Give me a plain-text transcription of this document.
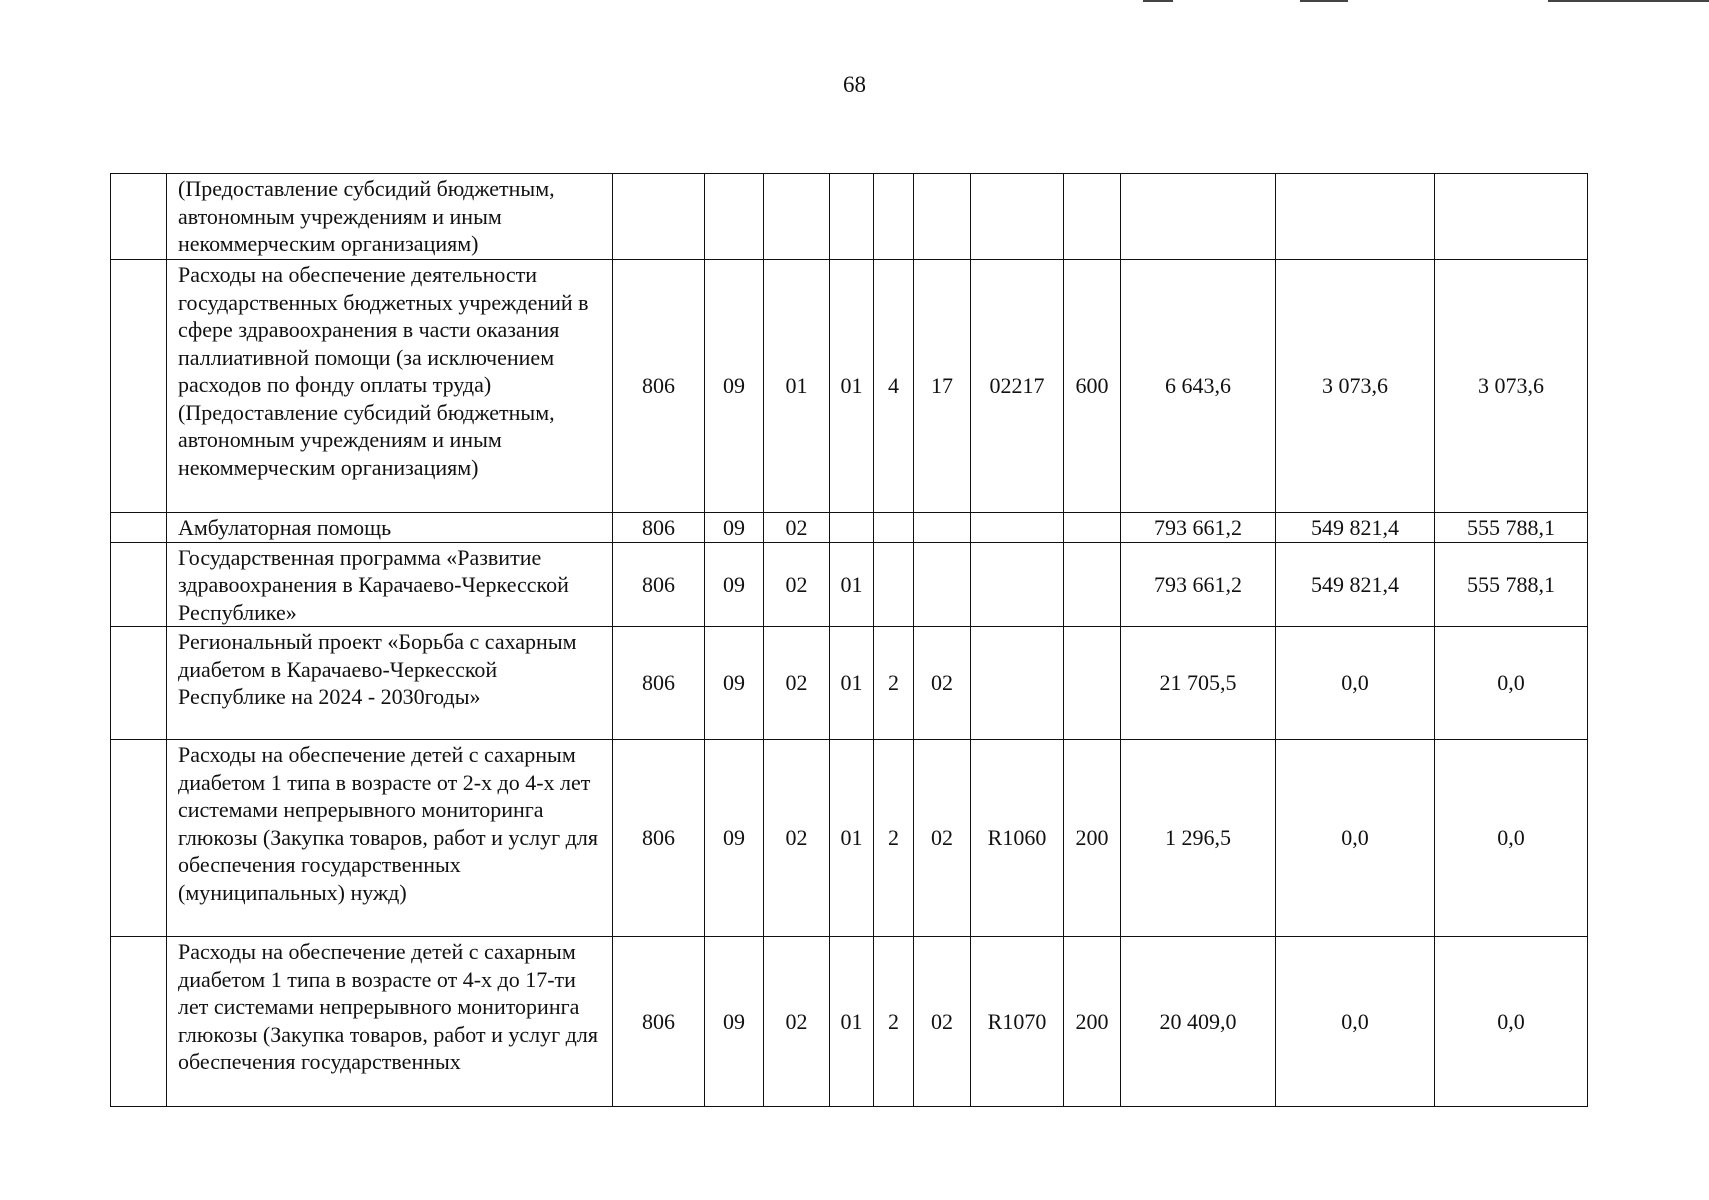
68
	(Предоставление субсидий бюджетным, автономным учреждениям и иным некоммерческим организациям)											
	Расходы на обеспечение деятельности государственных бюджетных учреждений в сфере здравоохранения в части оказания паллиативной помощи (за исключением расходов по фонду оплаты труда) (Предоставление субсидий бюджетным, автономным учреждениям и иным некоммерческим организациям)	806	09	01	01	4	17	02217	600	6 643,6	3 073,6	3 073,6
	Амбулаторная помощь	806	09	02						793 661,2	549 821,4	555 788,1
	Государственная программа «Развитие здравоохранения в Карачаево-Черкесской Республике»	806	09	02	01					793 661,2	549 821,4	555 788,1
	Региональный проект «Борьба с сахарным диабетом в Карачаево-Черкесской Республике на 2024 - 2030годы»	806	09	02	01	2	02			21 705,5	0,0	0,0
	Расходы на обеспечение детей с сахарным диабетом 1 типа в возрасте от 2-х до 4-х лет системами непрерывного мониторинга глюкозы (Закупка товаров, работ и услуг для обеспечения государственных (муниципальных) нужд)	806	09	02	01	2	02	R1060	200	1 296,5	0,0	0,0
	Расходы на обеспечение детей с сахарным диабетом 1 типа в возрасте от 4-х до 17-ти лет системами непрерывного мониторинга глюкозы (Закупка товаров, работ и услуг для обеспечения государственных	806	09	02	01	2	02	R1070	200	20 409,0	0,0	0,0
